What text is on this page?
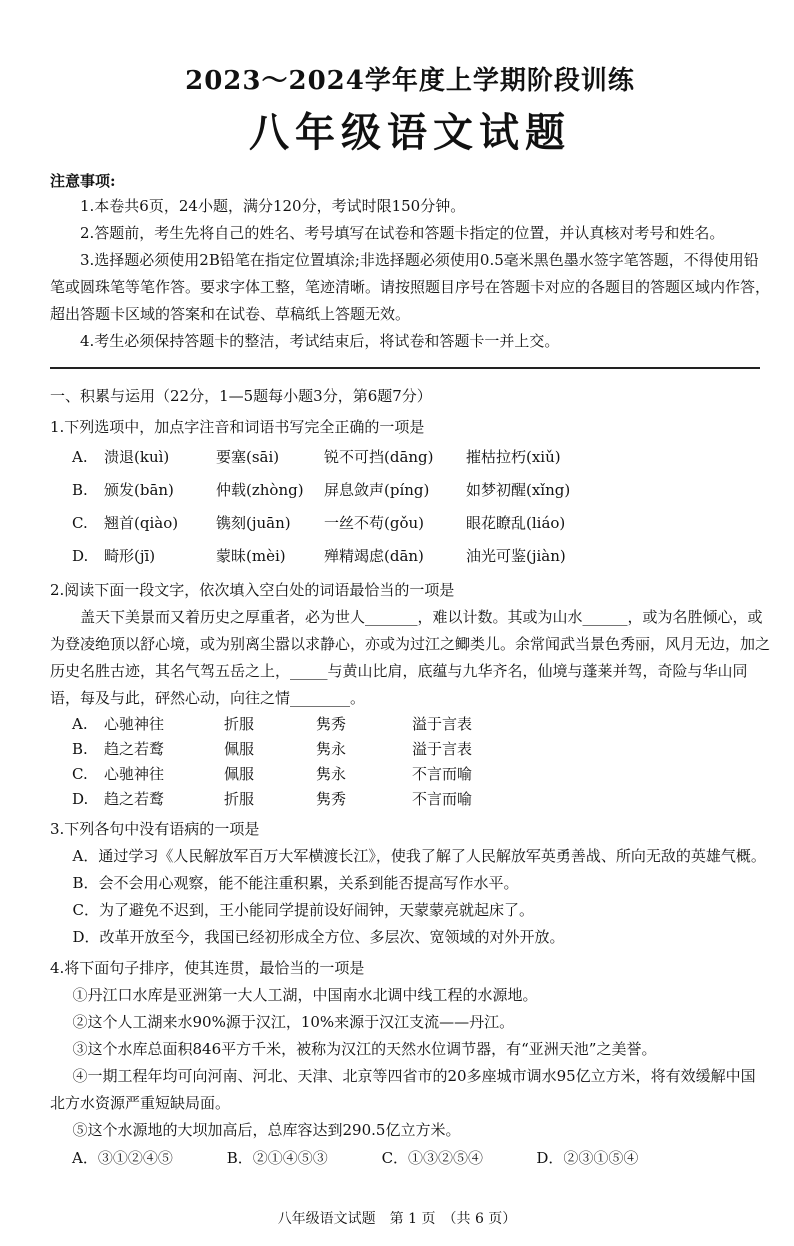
2023～2024学年度上学期阶段训练
八年级语文试题
注意事项:

1.本卷共6页，24小题，满分120分，考试时限150分钟。

2.答题前，考生先将自己的姓名、考号填写在试卷和答题卡指定的位置，并认真核对考号和姓名。

3.选择题必须使用2B铅笔在指定位置填涂;非选择题必须使用0.5毫米黑色墨水签字笔答题，不得使用铅笔或圆珠笔等笔作答。要求字体工整，笔迹清晰。请按照题目序号在答题卡对应的各题目的答题区域内作答，超出答题卡区域的答案和在试卷、草稿纸上答题无效。

4.考生必须保持答题卡的整洁，考试结束后，将试卷和答题卡一并上交。

一、积累与运用（22分，1—5题每小题3分，第6题7分）

1.下列选项中，加点字注音和词语书写完全正确的一项是

A.	溃退(kuì)	要塞(sāi)	锐不可挡(dāng)	摧枯拉朽(xiǔ)
B.	颁发(bān)	仲载(zhòng)	屏息敛声(píng)	如梦初醒(xǐng)
C.	翘首(qiào)	镌刻(juān)	一丝不苟(gǒu)	眼花瞭乱(liáo)
D.	畸形(jī)	蒙昧(mèi)	殚精竭虑(dān)	油光可鉴(jiàn)

2.阅读下面一段文字，依次填入空白处的词语最恰当的一项是

盖天下美景而又着历史之厚重者，必为世人_______，难以计数。其或为山水______，或为名胜倾心，或为登凌绝顶以舒心境，或为别离尘嚣以求静心，亦或为过江之鲫类儿。余常闻武当景色秀丽，风月无边，加之历史名胜古迹，其名气驾五岳之上，_____与黄山比肩，底蕴与九华齐名，仙境与蓬莱并驾，奇险与华山同语，每及与此，砰然心动，向往之情________。

A.	心驰神往	折服	隽秀	溢于言表
B.	趋之若鹜	佩服	隽永	溢于言表
C.	心驰神往	佩服	隽永	不言而喻
D.	趋之若鹜	折服	隽秀	不言而喻

3.下列各句中没有语病的一项是

A．通过学习《人民解放军百万大军横渡长江》，使我了解了人民解放军英勇善战、所向无敌的英雄气概。

B．会不会用心观察，能不能注重积累，关系到能否提高写作水平。

C．为了避免不迟到，王小能同学提前设好闹钟，天蒙蒙亮就起床了。

D．改革开放至今，我国已经初形成全方位、多层次、宽领域的对外开放。

4.将下面句子排序，使其连贯，最恰当的一项是

①丹江口水库是亚洲第一大人工湖，中国南水北调中线工程的水源地。

②这个人工湖来水90%源于汉江，10%来源于汉江支流——丹江。

③这个水库总面积846平方千米，被称为汉江的天然水位调节器，有“亚洲天池”之美誉。

④一期工程年均可向河南、河北、天津、北京等四省市的20多座城市调水95亿立方米，将有效缓解中国北方水资源严重短缺局面。

⑤这个水源地的大坝加高后，总库容达到290.5亿立方米。

A．③①②④⑤	B．②①④⑤③	C．①③②⑤④	D．②③①⑤④
八年级语文试题　第 1 页　（共 6 页）
